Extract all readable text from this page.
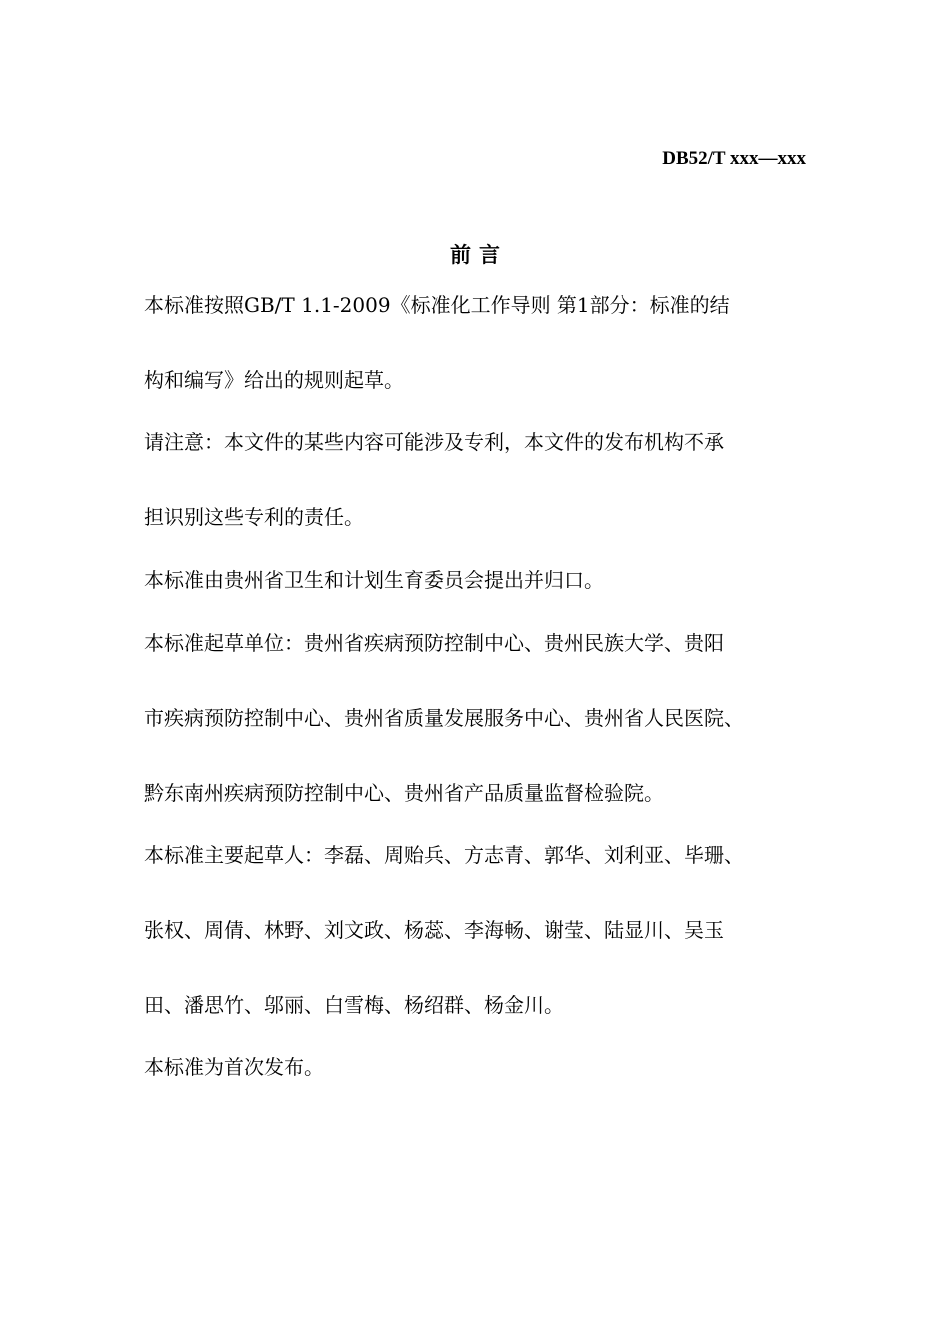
DB52/T xxx—xxx
前言
本标准按照GB/T 1.1-2009《标准化工作导则 第1部分：标准的结
构和编写》给出的规则起草。
请注意：本文件的某些内容可能涉及专利，本文件的发布机构不承
担识别这些专利的责任。
本标准由贵州省卫生和计划生育委员会提出并归口。
本标准起草单位：贵州省疾病预防控制中心、贵州民族大学、贵阳
市疾病预防控制中心、贵州省质量发展服务中心、贵州省人民医院、
黔东南州疾病预防控制中心、贵州省产品质量监督检验院。
本标准主要起草人：李磊、周贻兵、方志青、郭华、刘利亚、毕珊、
张权、周倩、林野、刘文政、杨蕊、李海畅、谢莹、陆显川、吴玉
田、潘思竹、邬丽、白雪梅、杨绍群、杨金川。
本标准为首次发布。
